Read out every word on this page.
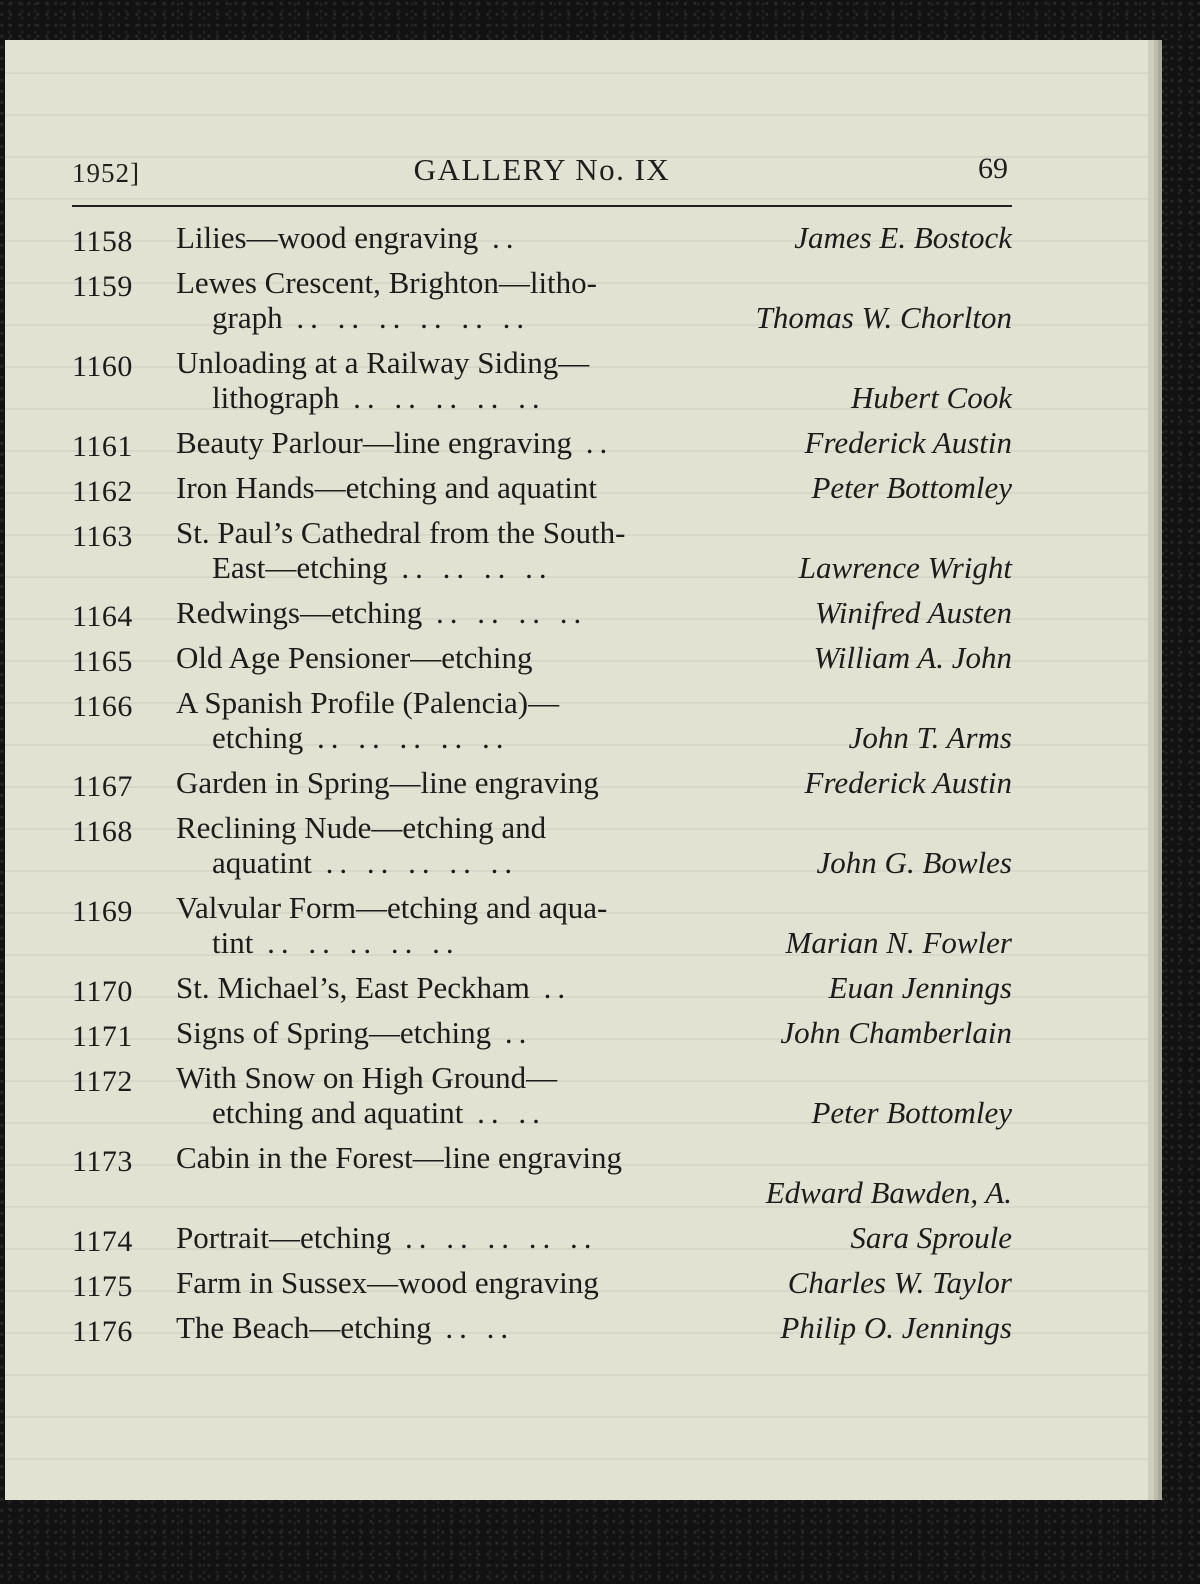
1952]	GALLERY No. IX	69
1158 Lilies—wood engraving ..	James E. Bostock
1159 Lewes Crescent, Brighton—litho-
graph .. .. .. .. .. ..	Thomas W. Chorlton
1160 Unloading at a Railway Siding—
lithograph .. .. .. .. ..	Hubert Cook
1161 Beauty Parlour—line engraving ..	Frederick Austin
1162 Iron Hands—etching and aquatint	Peter Bottomley
1163 St. Paul’s Cathedral from the South-
East—etching .. .. .. ..	Lawrence Wright
1164 Redwings—etching .. .. .. ..	Winifred Austen
1165 Old Age Pensioner—etching	William A. John
1166 A Spanish Profile (Palencia)—
etching .. .. .. .. ..	John T. Arms
1167 Garden in Spring—line engraving	Frederick Austin
1168 Reclining Nude—etching and
aquatint .. .. .. .. ..	John G. Bowles
1169 Valvular Form—etching and aqua-
tint .. .. .. .. ..	Marian N. Fowler
1170 St. Michael’s, East Peckham ..	Euan Jennings
1171 Signs of Spring—etching ..	John Chamberlain
1172 With Snow on High Ground—
etching and aquatint .. ..	Peter Bottomley
1173 Cabin in the Forest—line engraving
Edward Bawden, A.
1174 Portrait—etching .. .. .. .. ..	Sara Sproule
1175 Farm in Sussex—wood engraving	Charles W. Taylor
1176 The Beach—etching .. ..	Philip O. Jennings
